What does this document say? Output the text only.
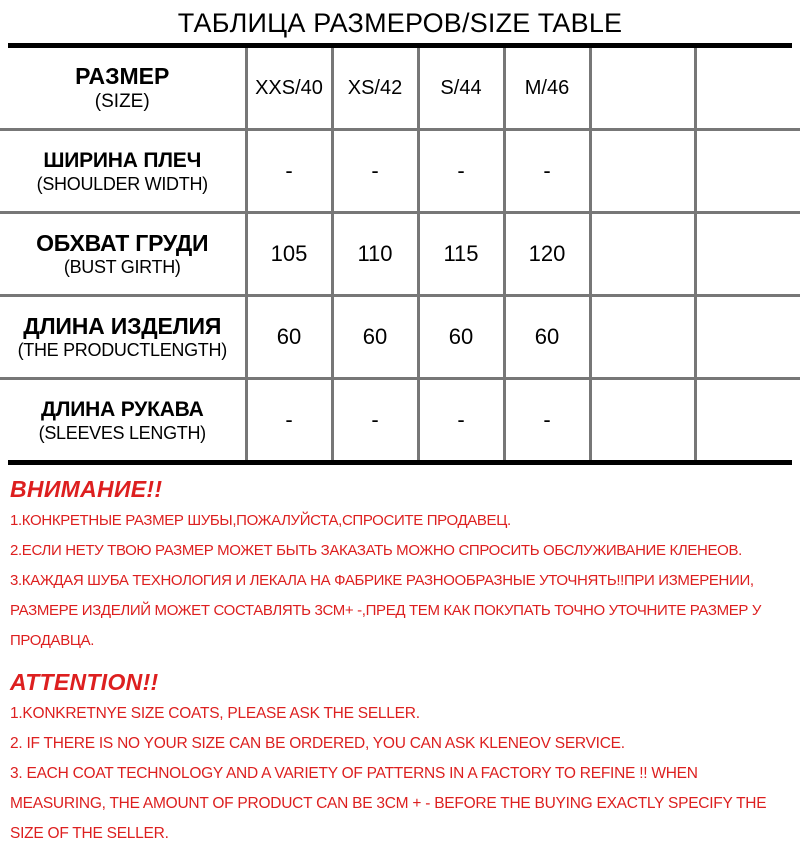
ТАБЛИЦА РАЗМЕРОВ/SIZE TABLE
РАЗМЕР
(SIZE)	XXS/40	XS/42	S/44	M/46		

ШИРИНА ПЛЕЧ
(SHOULDER WIDTH)	-	-	-	-		

ОБХВАТ ГРУДИ
(BUST GIRTH)	105	110	115	120		

ДЛИНА ИЗДЕЛИЯ
(THE PRODUCTLENGTH)	60	60	60	60		

ДЛИНА РУКАВА
(SLEEVES LENGTH)	-	-	-	-		
ВНИМАНИЕ!!
1.КОНКРЕТНЫЕ РАЗМЕР ШУБЫ,ПОЖАЛУЙСТА,СПРОСИТЕ ПРОДАВЕЦ.
2.ЕСЛИ НЕТУ ТВОЮ РАЗМЕР МОЖЕТ БЫТЬ ЗАКАЗАТЬ МОЖНО СПРОСИТЬ ОБСЛУЖИВАНИЕ КЛЕНЕОВ.
3.КАЖДАЯ ШУБА ТЕХНОЛОГИЯ И ЛЕКАЛА НА ФАБРИКЕ РАЗНООБРАЗНЫЕ УТОЧНЯТЬ!!ПРИ ИЗМЕРЕНИИ, РАЗМЕРЕ ИЗДЕЛИЙ МОЖЕТ СОСТАВЛЯТЬ 3СМ+ -,ПРЕД ТЕМ КАК ПОКУПАТЬ ТОЧНО УТОЧНИТЕ РАЗМЕР У ПРОДАВЦА.
ATTENTION!!
1.KONKRETNYE SIZE COATS, PLEASE ASK THE SELLER.
2. IF THERE IS NO YOUR SIZE CAN BE ORDERED, YOU CAN ASK KLENEOV SERVICE.
3. EACH COAT TECHNOLOGY AND A VARIETY OF PATTERNS IN A FACTORY TO REFINE !! WHEN MEASURING, THE AMOUNT OF PRODUCT CAN BE 3CM + - BEFORE THE BUYING EXACTLY SPECIFY THE SIZE OF THE SELLER.
